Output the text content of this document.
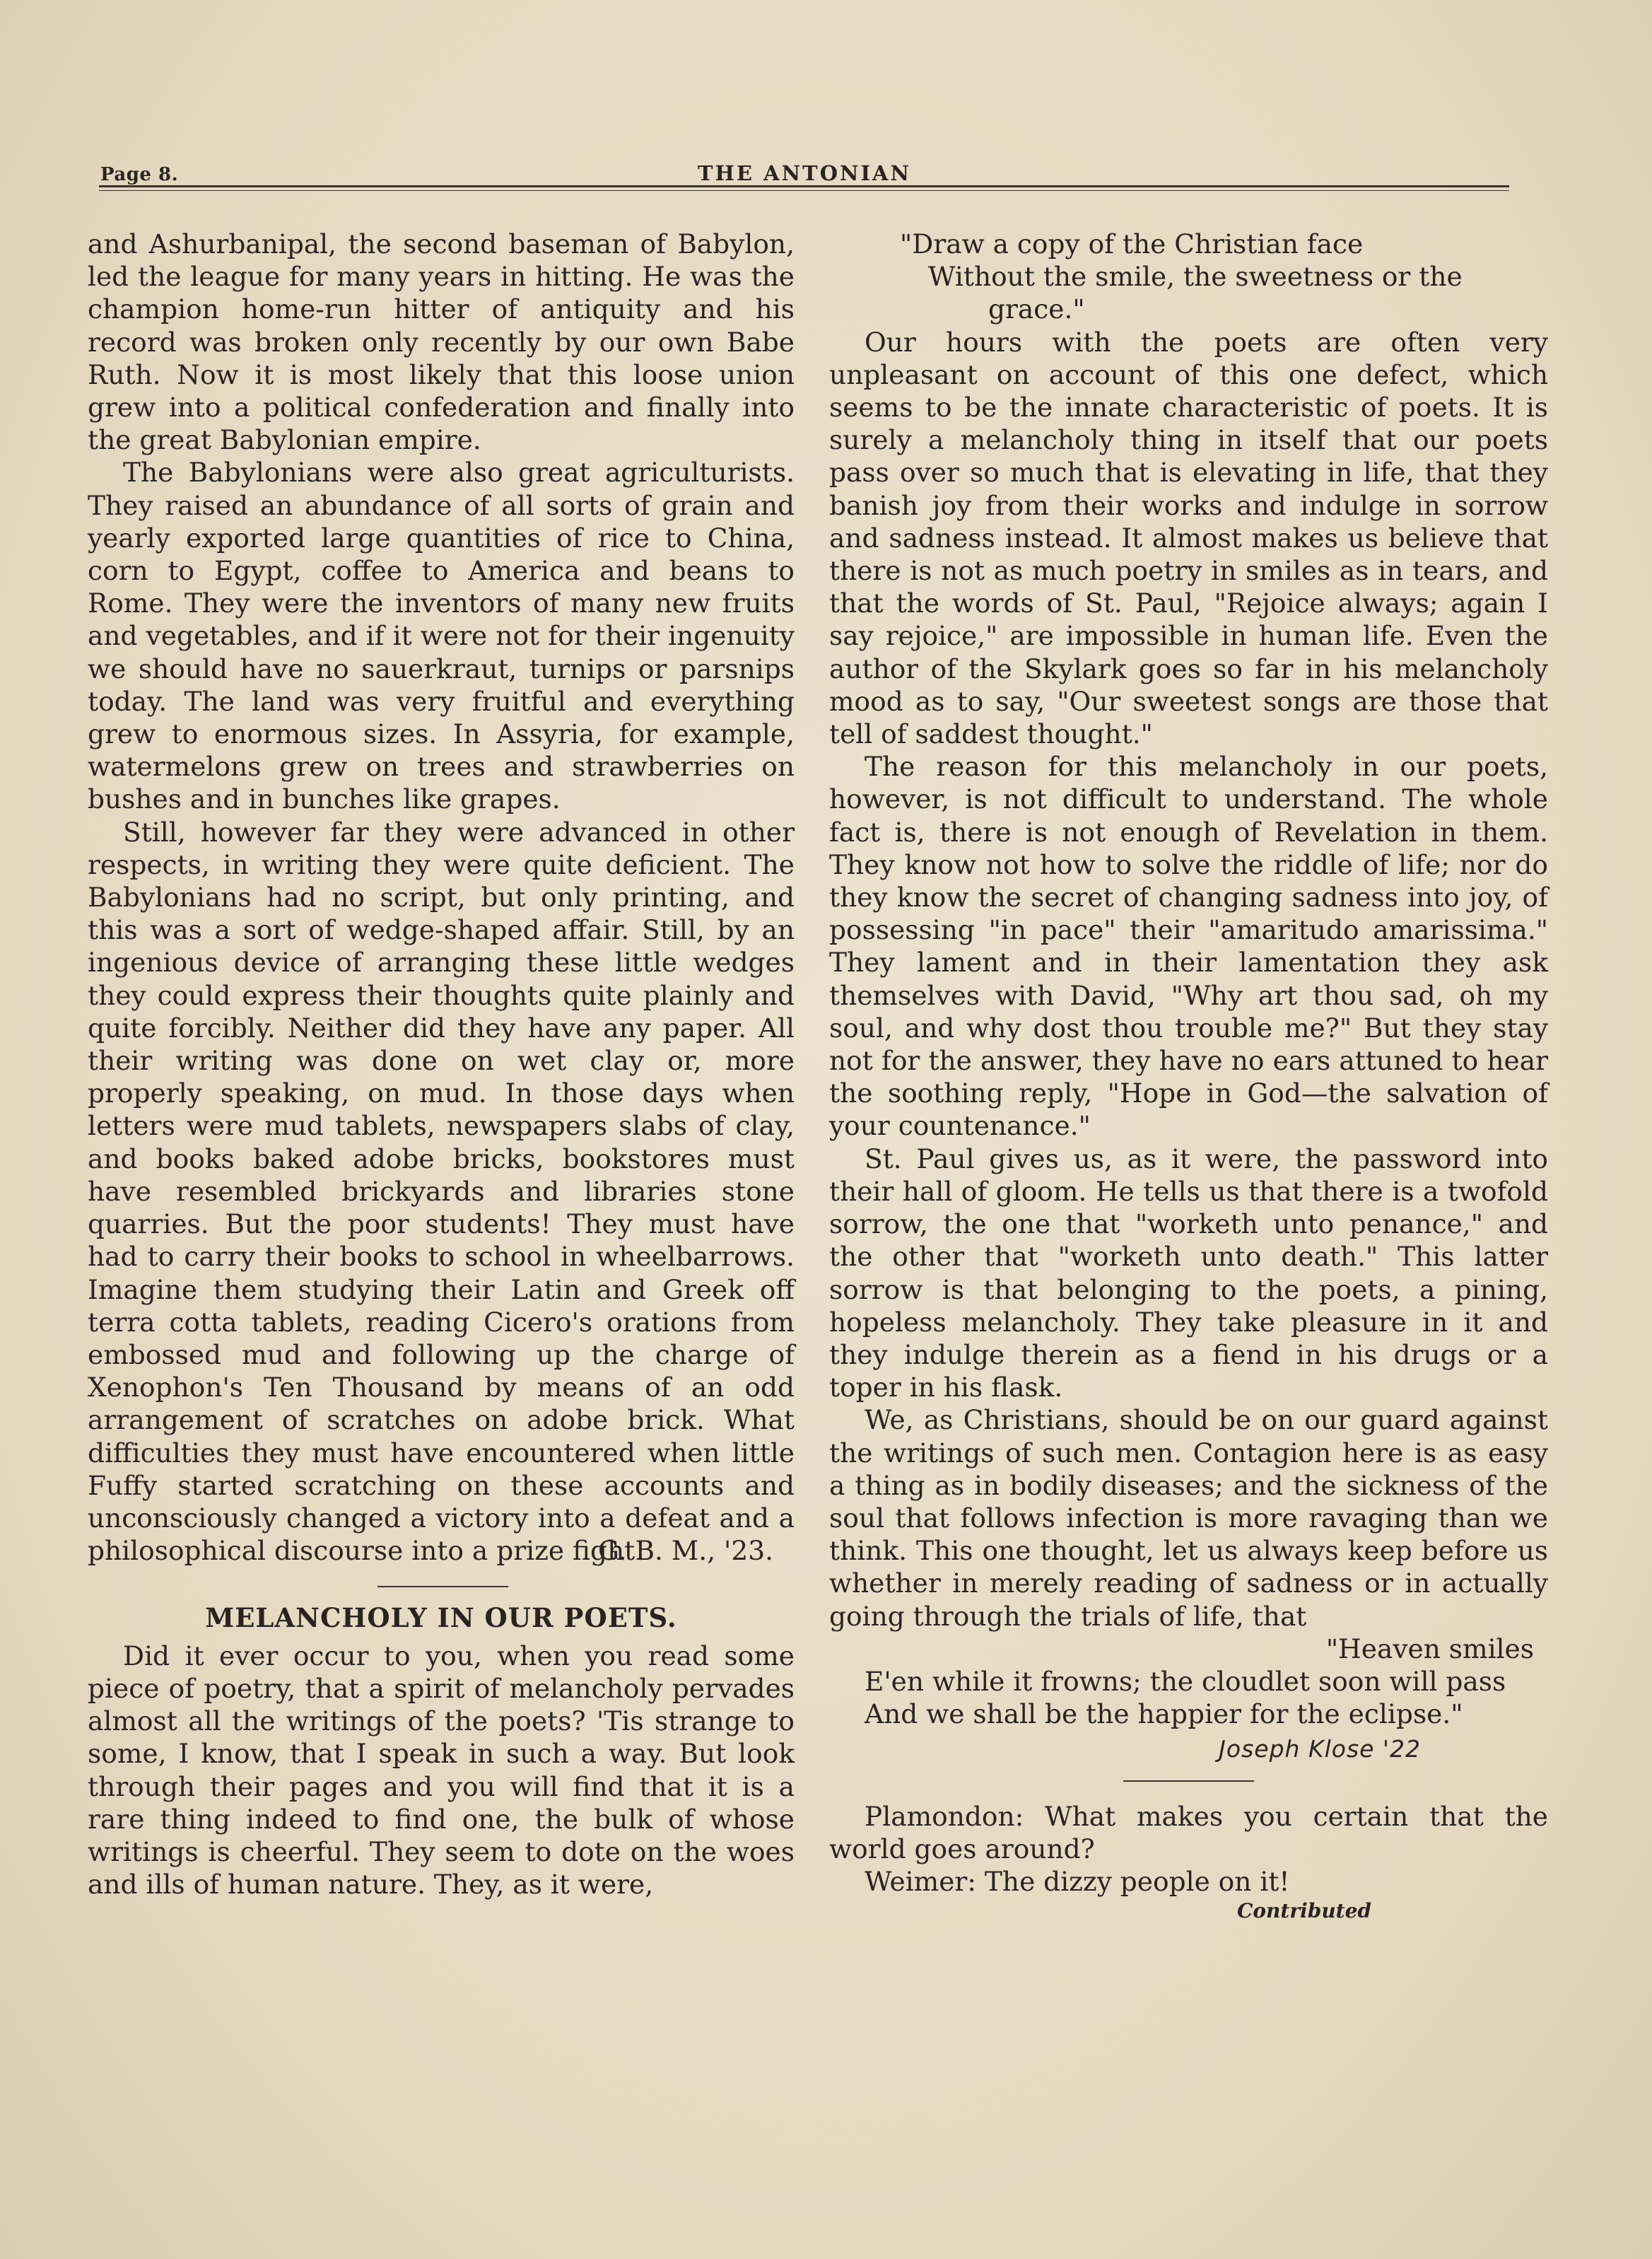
Page 8.	THE ANTONIAN

and Ashurbanipal, the second baseman of Babylon, led the league for many years in hitting. He was the champion home-run hitter of antiquity and his record was broken only recently by our own Babe Ruth. Now it is most likely that this loose union grew into a political confederation and finally into the great Babylonian empire.

The Babylonians were also great agriculturists. They raised an abundance of all sorts of grain and yearly exported large quantities of rice to China, corn to Egypt, coffee to America and beans to Rome. They were the inventors of many new fruits and vegetables, and if it were not for their ingenuity we should have no sauerkraut, turnips or parsnips today. The land was very fruitful and everything grew to enormous sizes. In Assyria, for example, watermelons grew on trees and strawberries on bushes and in bunches like grapes.

Still, however far they were advanced in other respects, in writing they were quite deficient. The Babylonians had no script, but only printing, and this was a sort of wedge-shaped affair. Still, by an ingenious device of arranging these little wedges they could express their thoughts quite plainly and quite forcibly. Neither did they have any paper. All their writing was done on wet clay or, more properly speaking, on mud. In those days when letters were mud tablets, newspapers slabs of clay, and books baked adobe bricks, bookstores must have resembled brickyards and libraries stone quarries. But the poor students! They must have had to carry their books to school in wheelbarrows. Imagine them studying their Latin and Greek off terra cotta tablets, reading Cicero's orations from embossed mud and following up the charge of Xenophon's Ten Thousand by means of an odd arrangement of scratches on adobe brick. What difficulties they must have encountered when little Fuffy started scratching on these accounts and unconsciously changed a victory into a defeat and a philosophical discourse into a prize fight!

G. B. M., '23.

MELANCHOLY IN OUR POETS.

Did it ever occur to you, when you read some piece of poetry, that a spirit of melancholy pervades almost all the writings of the poets? 'Tis strange to some, I know, that I speak in such a way. But look through their pages and you will find that it is a rare thing indeed to find one, the bulk of whose writings is cheerful. They seem to dote on the woes and ills of human nature. They, as it were,

"Draw a copy of the Christian face
Without the smile, the sweetness or the
grace."

Our hours with the poets are often very unpleasant on account of this one defect, which seems to be the innate characteristic of poets. It is surely a melancholy thing in itself that our poets pass over so much that is elevating in life, that they banish joy from their works and indulge in sorrow and sadness instead. It almost makes us believe that there is not as much poetry in smiles as in tears, and that the words of St. Paul, "Rejoice always; again I say rejoice," are impossible in human life. Even the author of the Skylark goes so far in his melancholy mood as to say, "Our sweetest songs are those that tell of saddest thought."

The reason for this melancholy in our poets, however, is not difficult to understand. The whole fact is, there is not enough of Revelation in them. They know not how to solve the riddle of life; nor do they know the secret of changing sadness into joy, of possessing "in pace" their "amaritudo amarissima." They lament and in their lamentation they ask themselves with David, "Why art thou sad, oh my soul, and why dost thou trouble me?" But they stay not for the answer, they have no ears attuned to hear the soothing reply, "Hope in God—the salvation of your countenance."

St. Paul gives us, as it were, the password into their hall of gloom. He tells us that there is a twofold sorrow, the one that "worketh unto penance," and the other that "worketh unto death." This latter sorrow is that belonging to the poets, a pining, hopeless melancholy. They take pleasure in it and they indulge therein as a fiend in his drugs or a toper in his flask.

We, as Christians, should be on our guard against the writings of such men. Contagion here is as easy a thing as in bodily diseases; and the sickness of the soul that follows infection is more ravaging than we think. This one thought, let us always keep before us whether in merely reading of sadness or in actually going through the trials of life, that

"Heaven smiles
E'en while it frowns; the cloudlet soon will pass
And we shall be the happier for the eclipse."

Joseph Klose '22

Plamondon: What makes you certain that the world goes around?

Weimer: The dizzy people on it!

Contributed
